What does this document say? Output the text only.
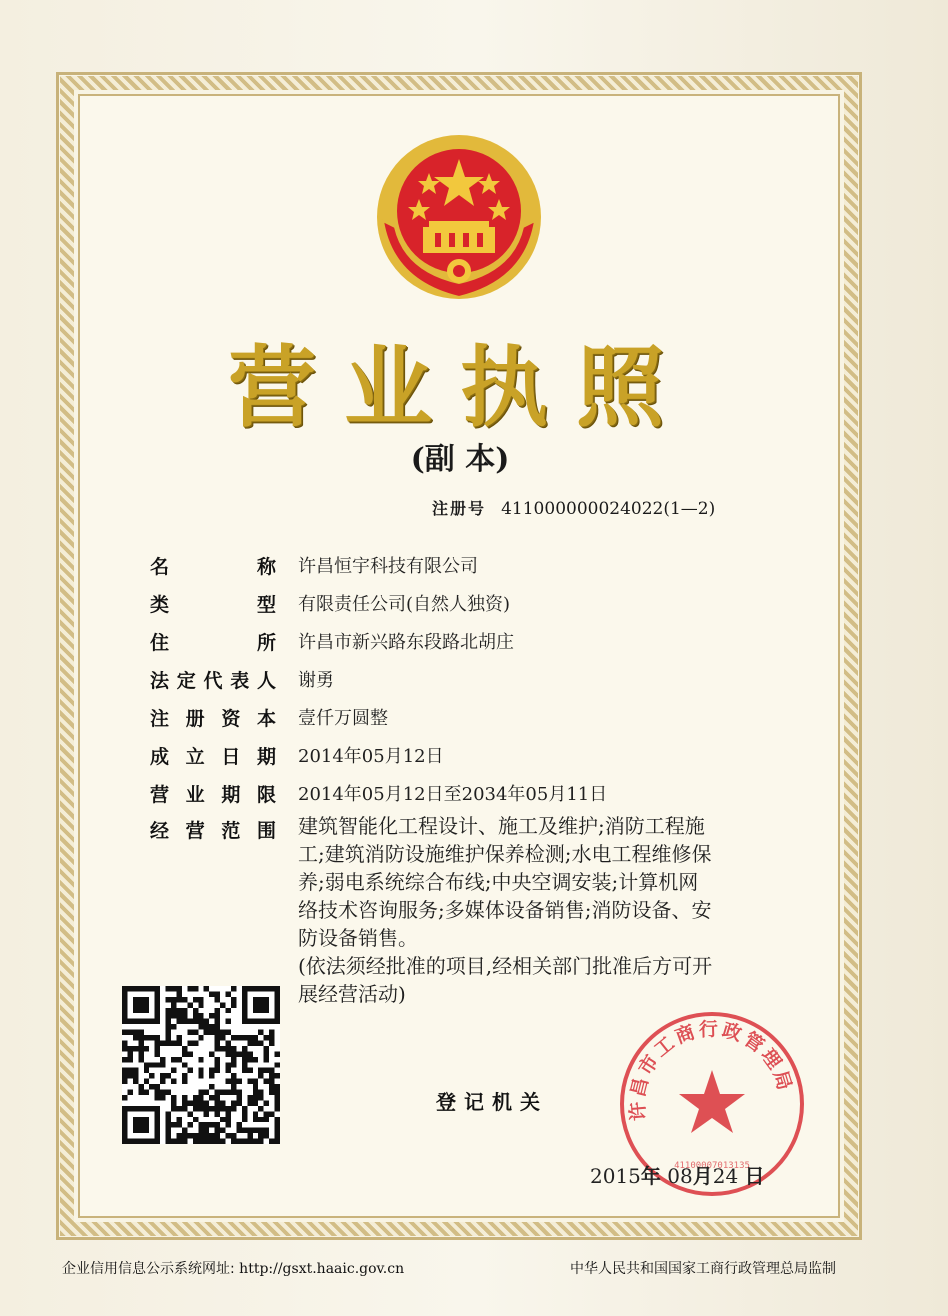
营业执照
(副 本)
注册号 411000000024022(1—2)
名	称 许昌恒宇科技有限公司
类	型 有限责任公司(自然人独资)
住	所 许昌市新兴路东段路北胡庄
法 定 代 表 人 谢勇
注 册 资 本 壹仟万圆整
成 立 日 期 2014年05月12日
营 业 期 限 2014年05月12日至2034年05月11日
经 营 范 围 建筑智能化工程设计、施工及维护;消防工程施

工;建筑消防设施维护保养检测;水电工程维修保

养;弱电系统综合布线;中央空调安装;计算机网

络技术咨询服务;多媒体设备销售;消防设备、安

防设备销售。

(依法须经批准的项目,经相关部门批准后方可开

展经营活动)

登记机关	许昌市工商行政管理局
41100007013135
2015年 08月24 日
企业信用信息公示系统网址: http://gsxt.haaic.gov.cn	中华人民共和国国家工商行政管理总局监制
